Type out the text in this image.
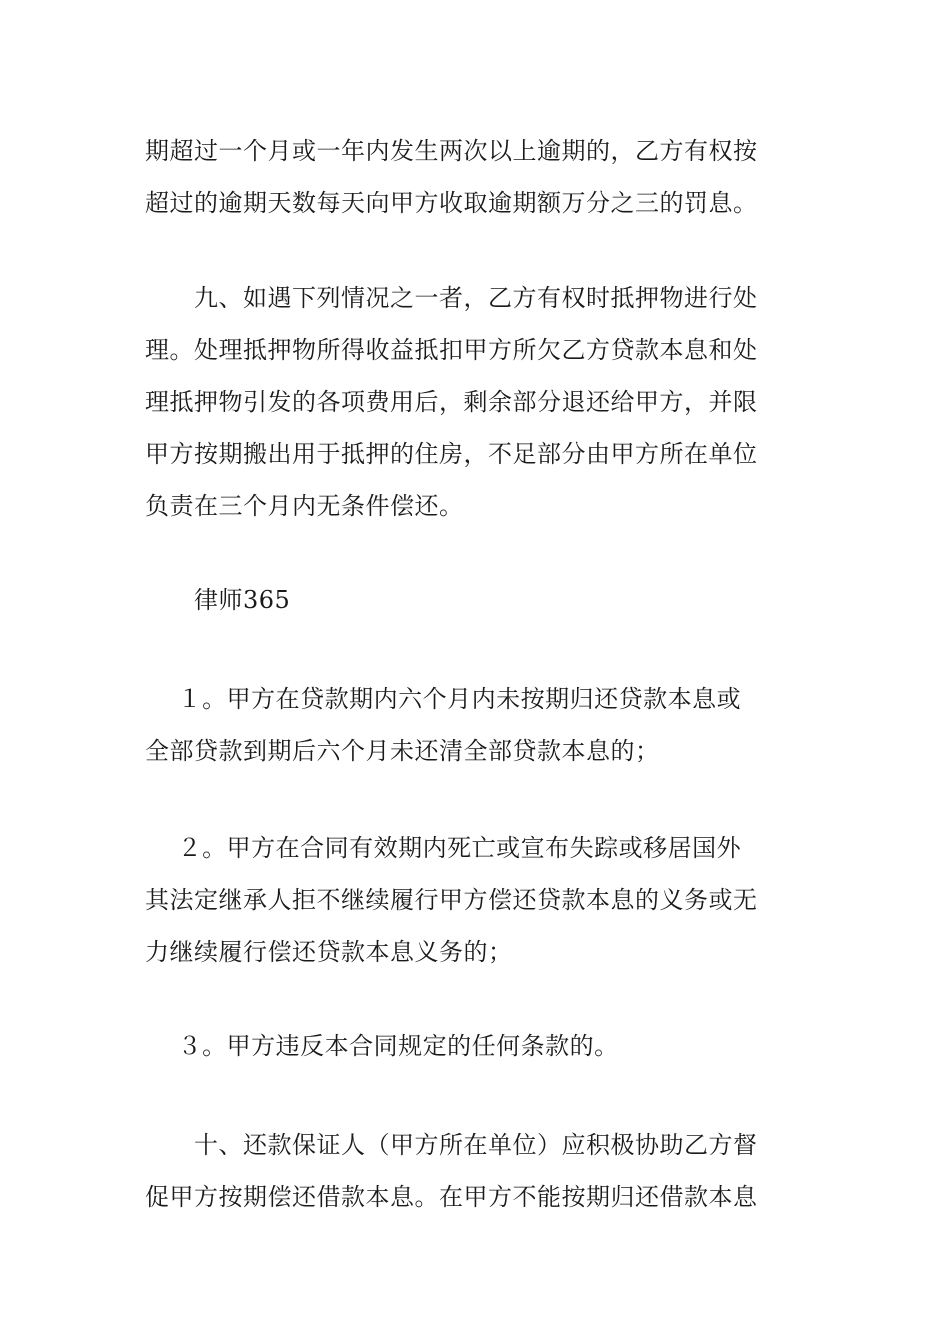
期超过一个月或一年内发生两次以上逾期的，乙方有权按
超过的逾期天数每天向甲方收取逾期额万分之三的罚息。
　　九、如遇下列情况之一者，乙方有权时抵押物进行处
理。处理抵押物所得收益抵扣甲方所欠乙方贷款本息和处
理抵押物引发的各项费用后，剩余部分退还给甲方，并限
甲方按期搬出用于抵押的住房，不足部分由甲方所在单位
负责在三个月内无条件偿还。
　　律师365
　 １。甲方在贷款期内六个月内未按期归还贷款本息或
全部贷款到期后六个月未还清全部贷款本息的；
　 ２。甲方在合同有效期内死亡或宣布失踪或移居国外
其法定继承人拒不继续履行甲方偿还贷款本息的义务或无
力继续履行偿还贷款本息义务的；
　 ３。甲方违反本合同规定的任何条款的。
　　十、还款保证人（甲方所在单位）应积极协助乙方督
促甲方按期偿还借款本息。在甲方不能按期归还借款本息
